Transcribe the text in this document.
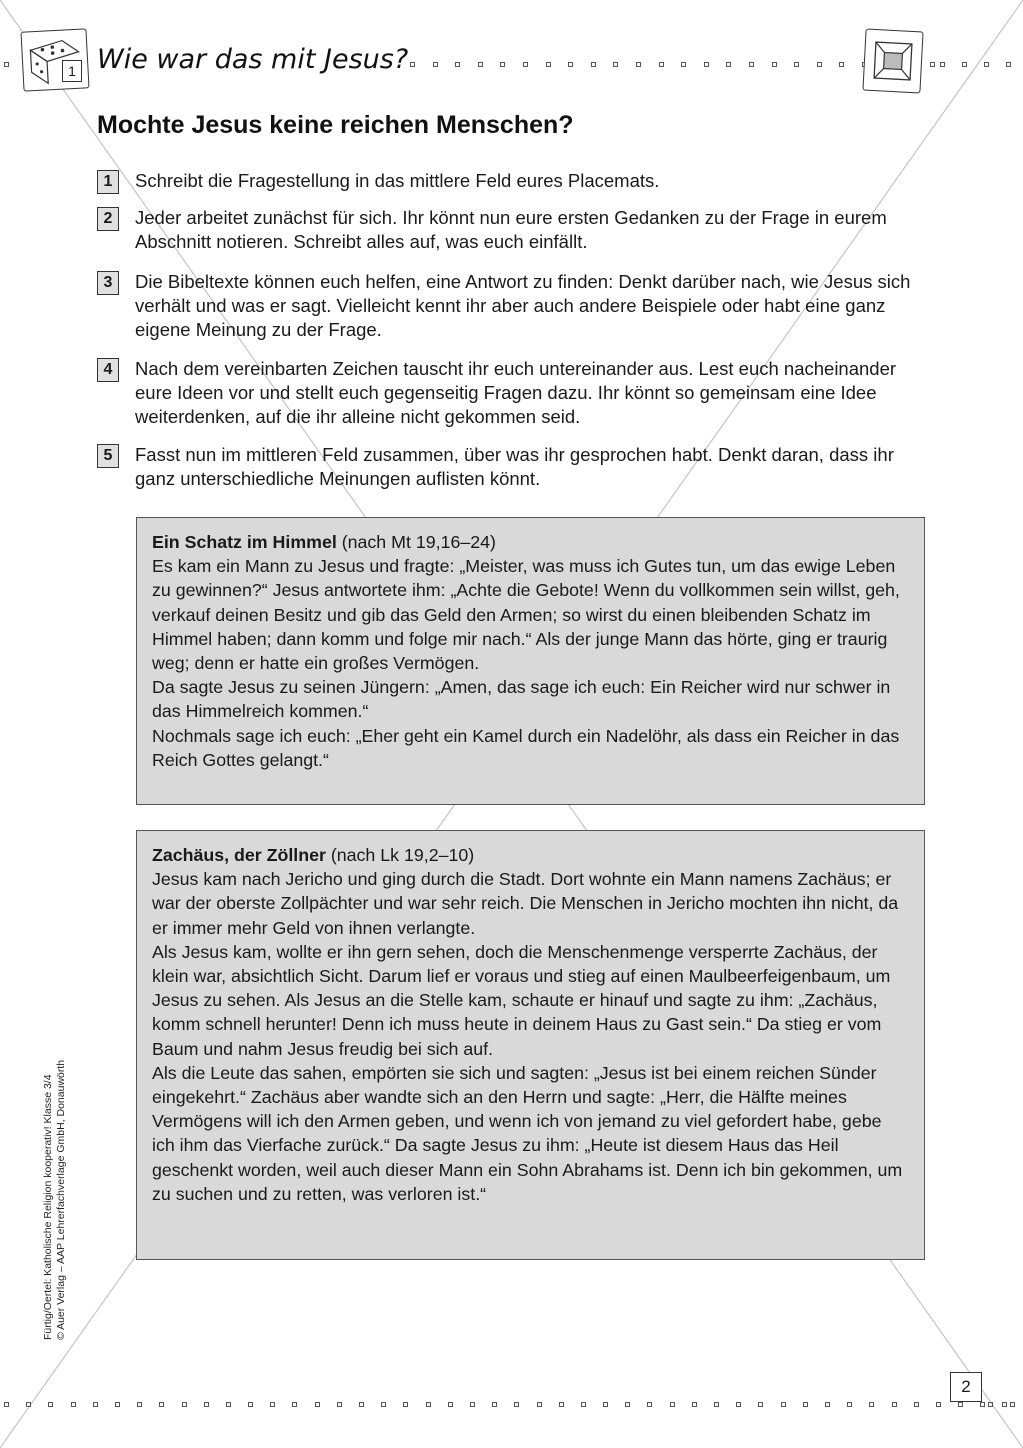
1 Wie war das mit Jesus?
Mochte Jesus keine reichen Menschen?
1	Schreibt die Fragestellung in das mittlere Feld eures Placemats.
2	Jeder arbeitet zunächst für sich. Ihr könnt nun eure ersten Gedanken zu der Frage in eurem Abschnitt notieren. Schreibt alles auf, was euch einfällt.
3	Die Bibeltexte können euch helfen, eine Antwort zu finden: Denkt darüber nach, wie Jesus sich verhält und was er sagt. Vielleicht kennt ihr aber auch andere Beispiele oder habt eine ganz eigene Meinung zu der Frage.
4	Nach dem vereinbarten Zeichen tauscht ihr euch untereinander aus. Lest euch nacheinander eure Ideen vor und stellt euch gegenseitig Fragen dazu. Ihr könnt so gemeinsam eine Idee weiterdenken, auf die ihr alleine nicht gekommen seid.
5	Fasst nun im mittleren Feld zusammen, über was ihr gesprochen habt. Denkt daran, dass ihr ganz unterschiedliche Meinungen auflisten könnt.

Ein Schatz im Himmel (nach Mt 19,16–24)

Es kam ein Mann zu Jesus und fragte: „Meister, was muss ich Gutes tun, um das ewige Leben zu gewinnen?“ Jesus antwortete ihm: „Achte die Gebote! Wenn du vollkommen sein willst, geh, verkauf deinen Besitz und gib das Geld den Armen; so wirst du einen bleibenden Schatz im Himmel haben; dann komm und folge mir nach.“ Als der junge Mann das hörte, ging er traurig weg; denn er hatte ein großes Vermögen.

Da sagte Jesus zu seinen Jüngern: „Amen, das sage ich euch: Ein Reicher wird nur schwer in das Himmelreich kommen.“

Nochmals sage ich euch: „Eher geht ein Kamel durch ein Nadelöhr, als dass ein Reicher in das Reich Gottes gelangt.“

Zachäus, der Zöllner (nach Lk 19,2–10)

Jesus kam nach Jericho und ging durch die Stadt. Dort wohnte ein Mann namens Zachäus; er war der oberste Zollpächter und war sehr reich. Die Menschen in Jericho mochten ihn nicht, da er immer mehr Geld von ihnen verlangte.

Als Jesus kam, wollte er ihn gern sehen, doch die Menschenmenge versperrte Zachäus, der klein war, absichtlich Sicht. Darum lief er voraus und stieg auf einen Maulbeerfeigenbaum, um Jesus zu sehen. Als Jesus an die Stelle kam, schaute er hinauf und sagte zu ihm: „Zachäus, komm schnell herunter! Denn ich muss heute in deinem Haus zu Gast sein.“ Da stieg er vom Baum und nahm Jesus freudig bei sich auf.

Als die Leute das sahen, empörten sie sich und sagten: „Jesus ist bei einem reichen Sünder eingekehrt.“ Zachäus aber wandte sich an den Herrn und sagte: „Herr, die Hälfte meines Vermögens will ich den Armen geben, und wenn ich von jemand zu viel gefordert habe, gebe ich ihm das Vierfache zurück.“ Da sagte Jesus zu ihm: „Heute ist diesem Haus das Heil geschenkt worden, weil auch dieser Mann ein Sohn Abrahams ist. Denn ich bin gekommen, um zu suchen und zu retten, was verloren ist.“

Fürtig/Oertel: Katholische Religion kooperativ! Klasse 3/4 © Auer Verlag – AAP Lehrerfachverlage GmbH, Donauwörth
2
